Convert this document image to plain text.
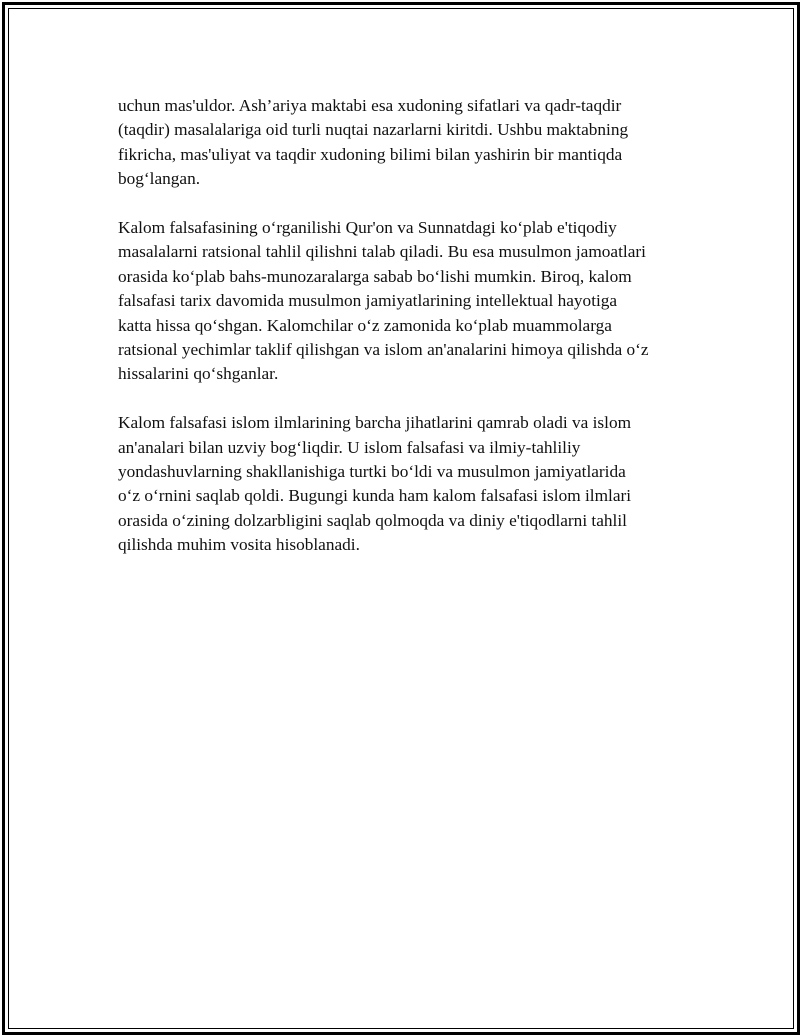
uchun mas'uldor. Ash’ariya maktabi esa xudoning sifatlari va qadr-taqdir
(taqdir) masalalariga oid turli nuqtai nazarlarni kiritdi. Ushbu maktabning
fikricha, mas'uliyat va taqdir xudoning bilimi bilan yashirin bir mantiqda
bog‘langan.

Kalom falsafasining o‘rganilishi Qur'on va Sunnatdagi ko‘plab e'tiqodiy
masalalarni ratsional tahlil qilishni talab qiladi. Bu esa musulmon jamoatlari
orasida ko‘plab bahs-munozaralarga sabab bo‘lishi mumkin. Biroq, kalom
falsafasi tarix davomida musulmon jamiyatlarining intellektual hayotiga
katta hissa qo‘shgan. Kalomchilar o‘z zamonida ko‘plab muammolarga
ratsional yechimlar taklif qilishgan va islom an'analarini himoya qilishda o‘z
hissalarini qo‘shganlar.

Kalom falsafasi islom ilmlarining barcha jihatlarini qamrab oladi va islom
an'analari bilan uzviy bog‘liqdir. U islom falsafasi va ilmiy-tahliliy
yondashuvlarning shakllanishiga turtki bo‘ldi va musulmon jamiyatlarida
o‘z o‘rnini saqlab qoldi. Bugungi kunda ham kalom falsafasi islom ilmlari
orasida o‘zining dolzarbligini saqlab qolmoqda va diniy e'tiqodlarni tahlil
qilishda muhim vosita hisoblanadi.
